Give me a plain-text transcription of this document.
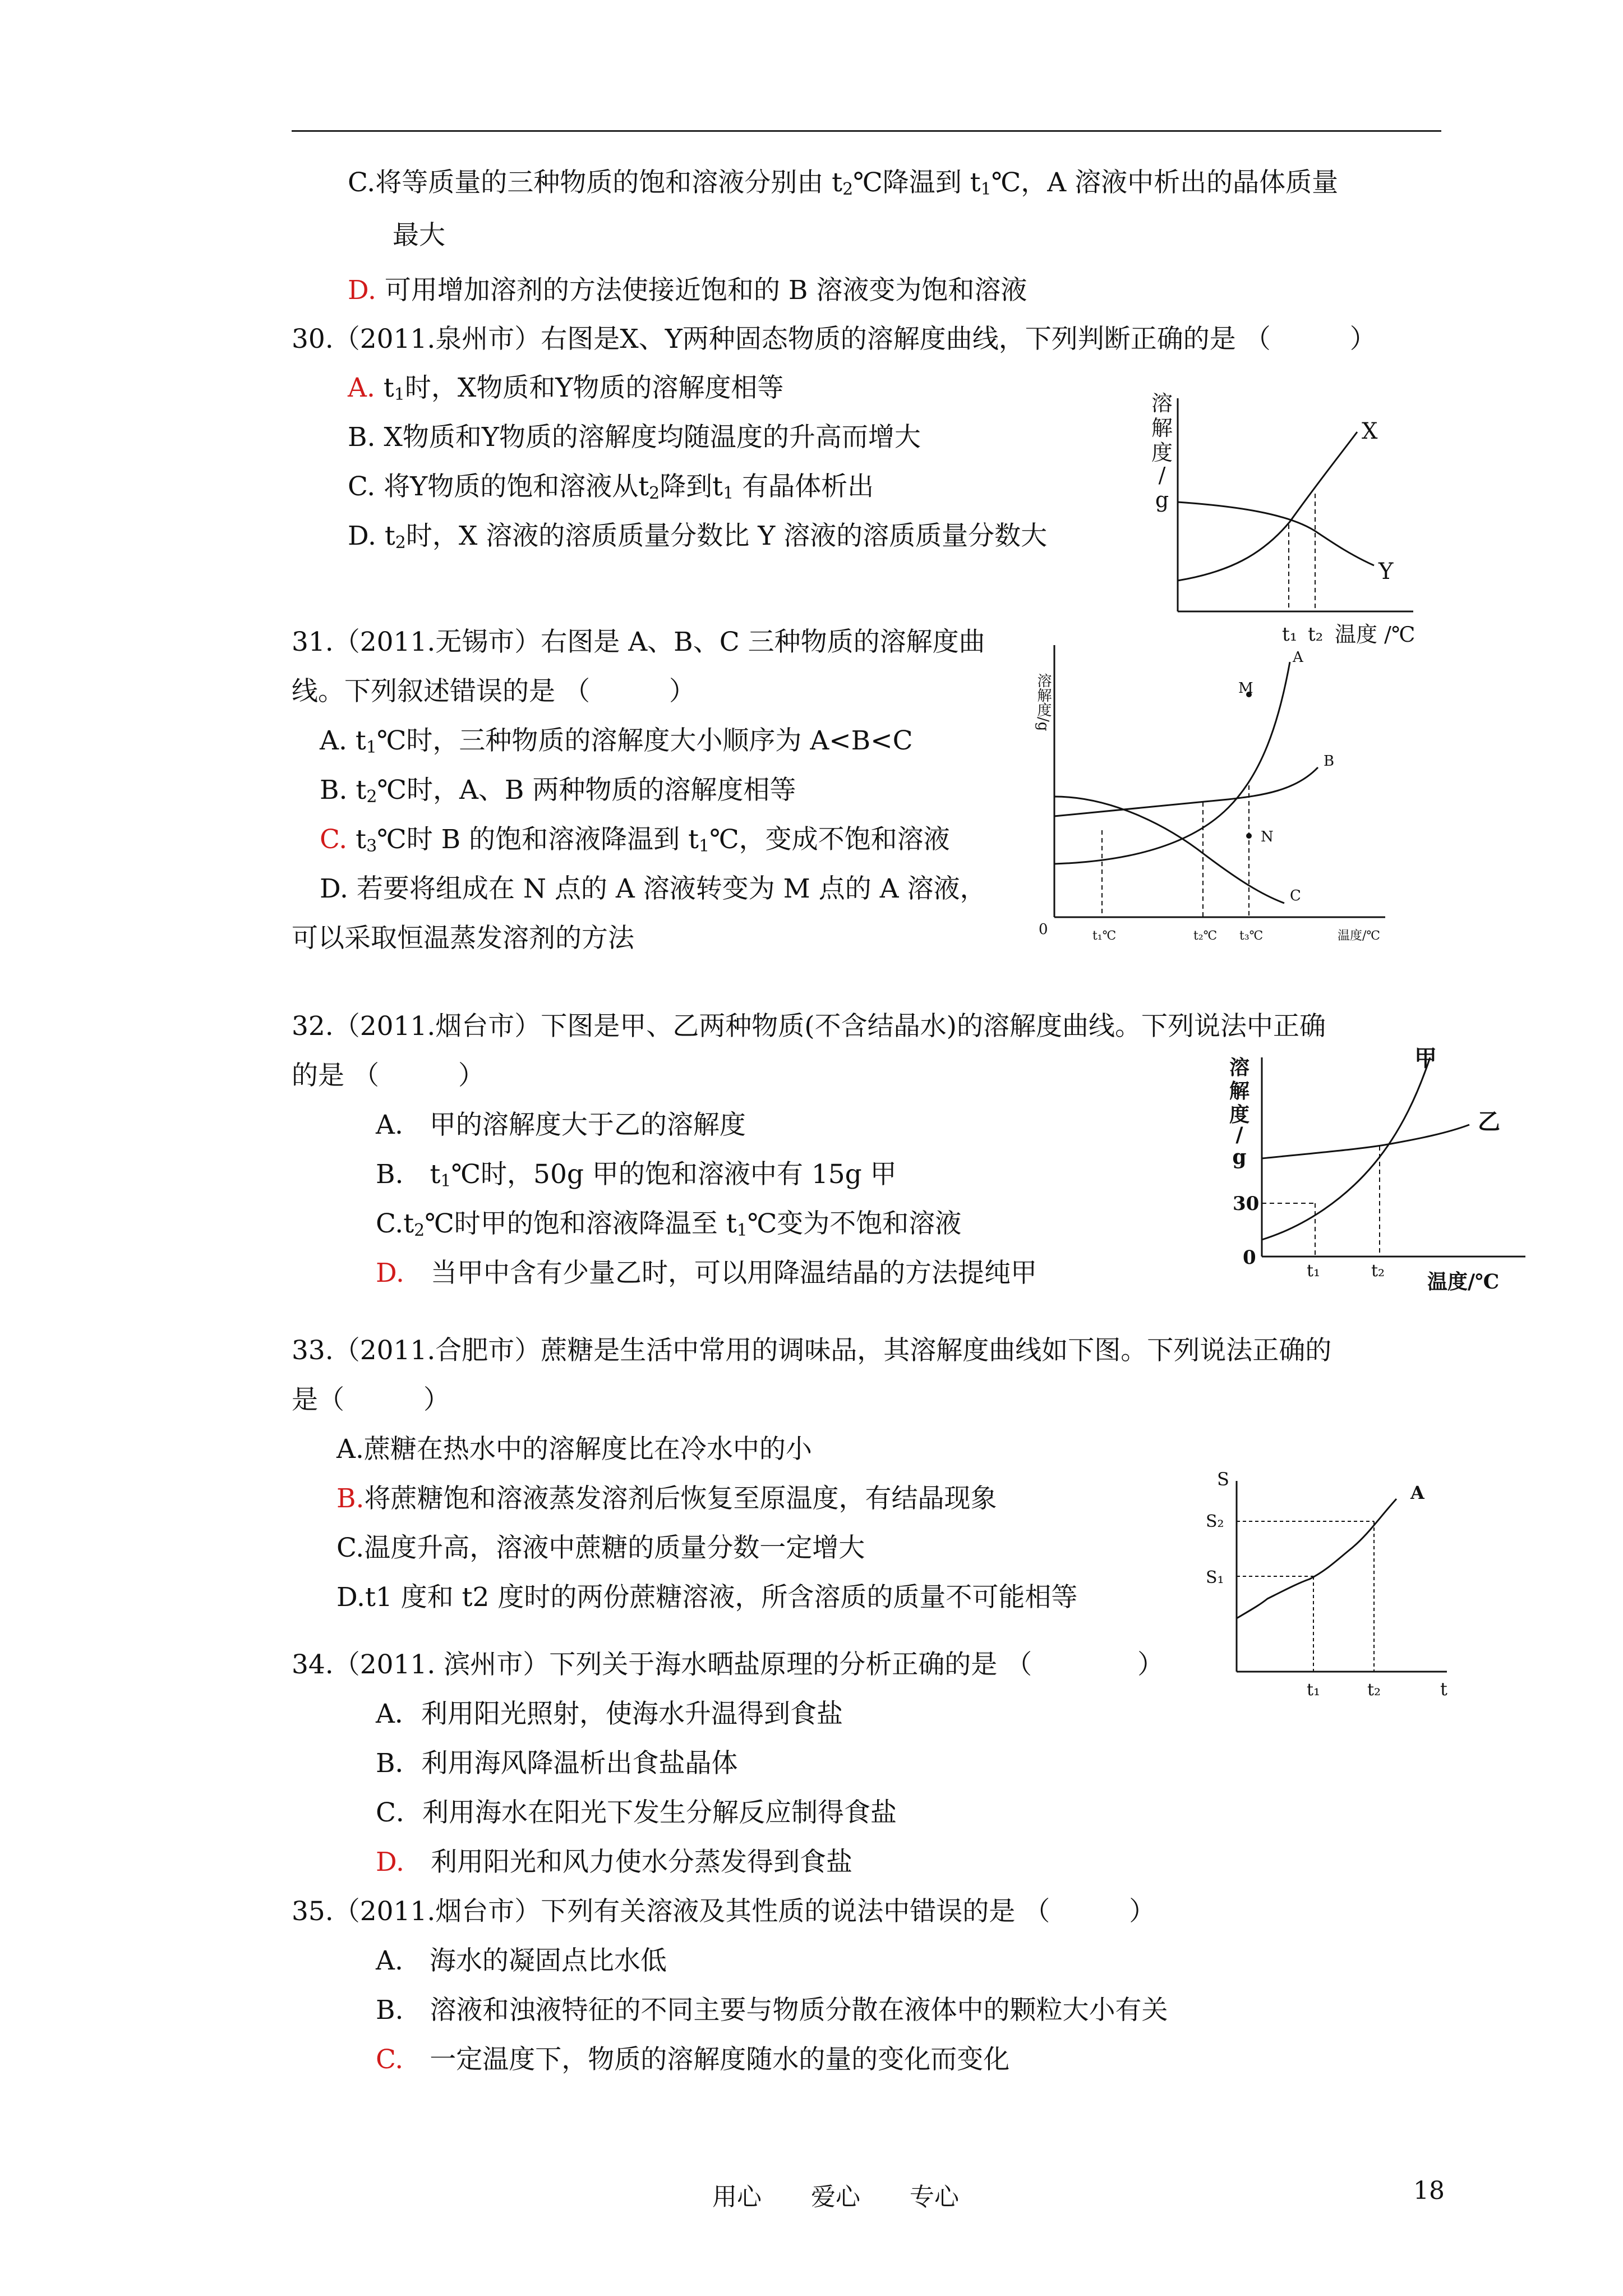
C.将等质量的三种物质的饱和溶液分别由 $t_2℃$降温到 $t_1℃$，A 溶液中析出的晶体质量
最大
D. 可用增加溶剂的方法使接近饱和的 B 溶液变为饱和溶液
30.（2011.泉州市）右图是X、Y两种固态物质的溶解度曲线，下列判断正确的是 （　　　）
A. $t_1$时，X物质和Y物质的溶解度相等
B. X物质和Y物质的溶解度均随温度的升高而增大
C. 将Y物质的饱和溶液从$t_2$降到$t_1$ 有晶体析出
D. $t_2$时，X 溶液的溶质质量分数比 Y 溶液的溶质质量分数大
溶
解
度
/
g
X
Y
t₁ t₂ 温度 /℃
31.（2011.无锡市）右图是 A、B、C 三种物质的溶解度曲
线。下列叙述错误的是 （　　　）
A. $t_1℃$时，三种物质的溶解度大小顺序为 A<B<C
B. $t_2℃$时，A、B 两种物质的溶解度相等
C. $t_3℃$时 B 的饱和溶液降温到 $t_1℃$，变成不饱和溶液
D. 若要将组成在 N 点的 A 溶液转变为 M 点的 A 溶液，
可以采取恒温蒸发溶剂的方法
溶解度/g
A
B
C
M
N
0	t₁℃	t₂℃ t₃℃	温度/℃
32.（2011.烟台市）下图是甲、乙两种物质(不含结晶水)的溶解度曲线。下列说法中正确
的是 （　　　）
A.　甲的溶解度大于乙的溶解度
B.　$t_1℃$时，50g 甲的饱和溶液中有 15g 甲
$C.t_2℃$时甲的饱和溶液降温至 $t_1℃$变为不饱和溶液
D.　当甲中含有少量乙时，可以用降温结晶的方法提纯甲
溶
解
度
/
g
甲
乙
30
0
t₁	t₂ 温度/℃
33.（2011.合肥市）蔗糖是生活中常用的调味品，其溶解度曲线如下图。下列说法正确的
是（　　　）
A.蔗糖在热水中的溶解度比在冷水中的小
B.将蔗糖饱和溶液蒸发溶剂后恢复至原温度，有结晶现象
C.温度升高，溶液中蔗糖的质量分数一定增大
D.t1 度和 t2 度时的两份蔗糖溶液，所含溶质的质量不可能相等
S
A
S₂
S₁
t₁	t₂	t
34.（2011. 滨州市）下列关于海水晒盐原理的分析正确的是 （　　　　）
A．利用阳光照射，使海水升温得到食盐
B．利用海风降温析出食盐晶体
C．利用海水在阳光下发生分解反应制得食盐
D.　利用阳光和风力使水分蒸发得到食盐
35.（2011.烟台市）下列有关溶液及其性质的说法中错误的是 （　　　）
A.　海水的凝固点比水低
B.　溶液和浊液特征的不同主要与物质分散在液体中的颗粒大小有关
C.　一定温度下，物质的溶解度随水的量的变化而变化
用心　　爱心　　专心	18
